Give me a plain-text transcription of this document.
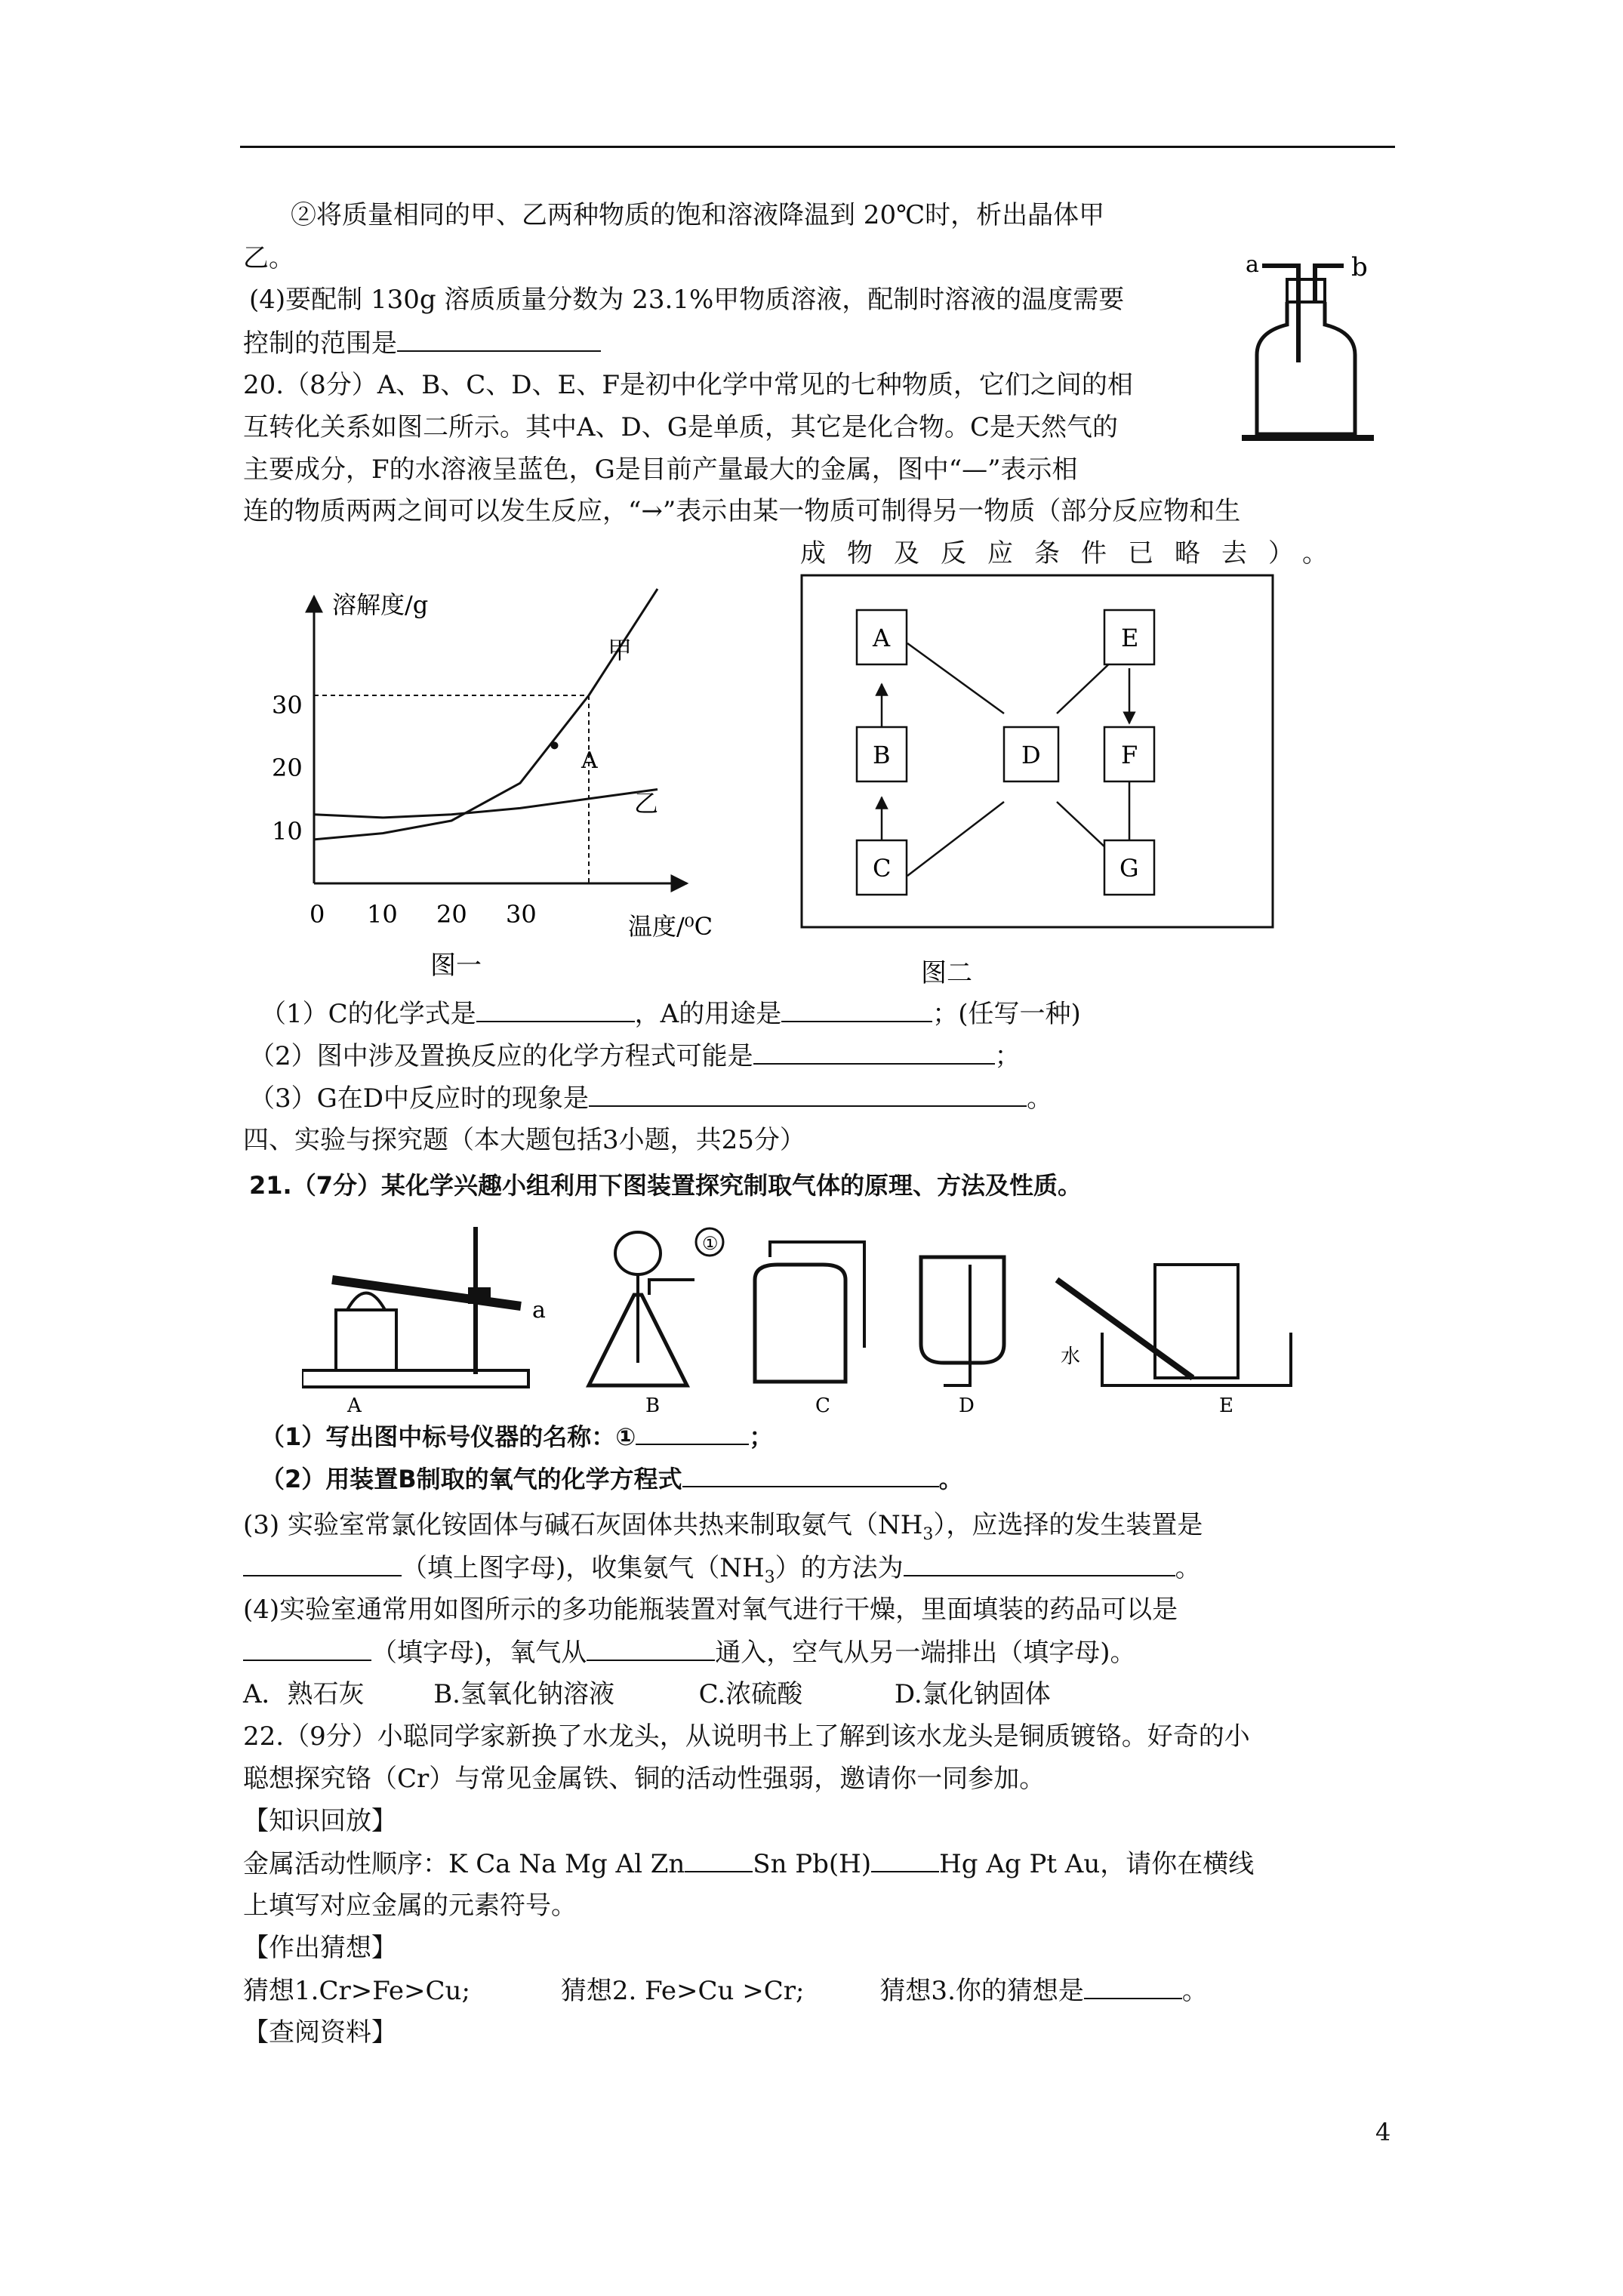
②将质量相同的甲、乙两种物质的饱和溶液降温到 20℃时，析出晶体甲
乙。
(4)要配制 130g 溶质质量分数为 23.1%甲物质溶液，配制时溶液的温度需要
控制的范围是
20.（8分）A、B、C、D、E、F是初中化学中常见的七种物质，它们之间的相
互转化关系如图二所示。其中A、D、G是单质，其它是化合物。C是天然气的
主要成分，F的水溶液呈蓝色，G是目前产量最大的金属，图中“—”表示相
连的物质两两之间可以发生反应，“→”表示由某一物质可制得另一物质（部分反应物和生
成物及反应条件已略去）。
a	b
溶解度/g
温度/⁰C
30
20
10
0 10 20 30
甲
乙
A
图一
A
B
C
D
E
F
G
图二
（1）C的化学式是	，A的用途是	；(任写一种)
（2）图中涉及置换反应的化学方程式可能是	；
（3）G在D中反应时的现象是	。
四、实验与探究题（本大题包括3小题，共25分）
21.（7分）某化学兴趣小组利用下图装置探究制取气体的原理、方法及性质。
a
A
①
B	C	D
水
E
（1）写出图中标号仪器的名称：①	；
（2）用装置B制取的氧气的化学方程式	。
(3) 实验室常氯化铵固体与碱石灰固体共热来制取氨气$(NH_3)$，应选择的发生装置是
（填上图字母)，收集氨气$(NH_3)$的方法为	。
(4)实验室通常用如图所示的多功能瓶装置对氧气进行干燥，里面填装的药品可以是
（填字母)，氧气从	通入，空气从另一端排出（填字母)。
A．熟石灰	B.氢氧化钠溶液	C.浓硫酸	D.氯化钠固体
22.（9分）小聪同学家新换了水龙头，从说明书上了解到该水龙头是铜质镀铬。好奇的小
聪想探究铬（Cr）与常见金属铁、铜的活动性强弱，邀请你一同参加。
【知识回放】
金属活动性顺序：K Ca Na Mg Al Zn	Sn Pb(H)	Hg Ag Pt Au，请你在横线
上填写对应金属的元素符号。
【作出猜想】
猜想1.Cr>Fe>Cu;	猜想2. Fe>Cu >Cr;	猜想3.你的猜想是	。
【查阅资料】
4
